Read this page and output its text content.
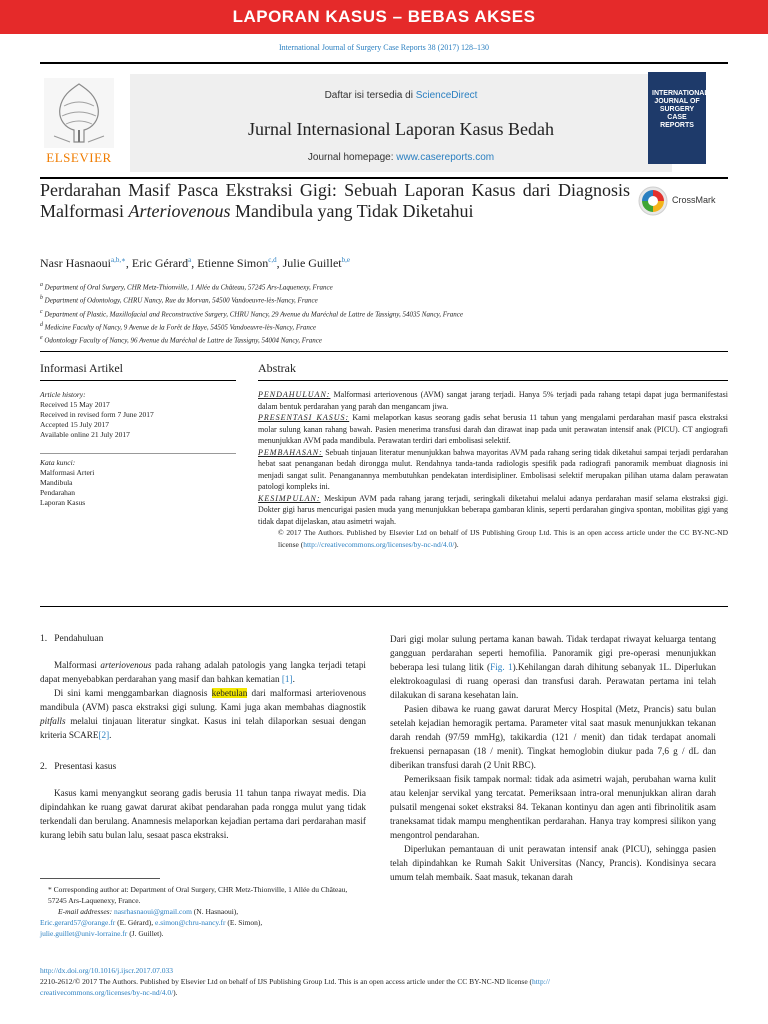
LAPORAN KASUS – BEBAS AKSES
International Journal of Surgery Case Reports 38 (2017) 128–130
ELSEVIER
Daftar isi tersedia di ScienceDirect
Jurnal Internasional Laporan Kasus Bedah
Journal homepage: www.casereports.com
INTERNATIONAL JOURNAL OF SURGERY CASE REPORTS
Perdarahan Masif Pasca Ekstraksi Gigi: Sebuah Laporan Kasus dari Diagnosis Malformasi Arteriovenous Mandibula yang Tidak Diketahui
CrossMark
Nasr Hasnaoui$^{a,b,∗}$, Eric Gérard$^a$, Etienne Simon$^{c,d}$, Julie Guillet$^{b,e}$
$^a$ Department of Oral Surgery, CHR Metz-Thionville, 1 Allée du Château, 57245 Ars-Laquenexy, France
$^b$ Department of Odontology, CHRU Nancy, Rue du Morvan, 54500 Vandoeuvre-lès-Nancy, France
$^c$ Department of Plastic, Maxillofacial and Reconstructive Surgery, CHRU Nancy, 29 Avenue du Maréchal de Lattre de Tassigny, 54035 Nancy, France
$^d$ Medicine Faculty of Nancy, 9 Avenue de la Forêt de Haye, 54505 Vandoeuvre-lès-Nancy, France
$^e$ Odontology Faculty of Nancy, 96 Avenue du Maréchal de Lattre de Tassigny, 54004 Nancy, France
Informasi Artikel	Abstrak
Article history:
Received 15 May 2017
Received in revised form 7 June 2017
Accepted 15 July 2017
Available online 21 July 2017
Kata kunci:
Malformasi Arteri
Mandibula
Pendarahan
Laporan Kasus

PENDAHULUAN: Malformasi arteriovenous (AVM) sangat jarang terjadi. Hanya 5% terjadi pada rahang tetapi dapat juga bermanifestasi dalam bentuk perdarahan yang parah dan mengancam jiwa.

PRESENTASI KASUS: Kami melaporkan kasus seorang gadis sehat berusia 11 tahun yang mengalami perdarahan masif pasca ekstraksi molar sulung kanan rahang bawah. Pasien menerima transfusi darah dan dirawat inap pada unit perawatan intensif anak (PICU). CT angiografi menunjukkan AVM pada mandibula. Perawatan terdiri dari embolisasi selektif.

PEMBAHASAN: Sebuah tinjauan literatur menunjukkan bahwa mayoritas AVM pada rahang sering tidak diketahui sampai terjadi perdarahan hebat saat penanganan bedah dirongga mulut. Rendahnya tanda-tanda radiologis spesifik pada radiografi panoramik membuat diagnosis ini menjadi sangat sulit. Penanganannya membutuhkan pendekatan interdisipliner. Embolisasi selektif merupakan pilihan utama dalam perawatan patologi kompleks ini.

KESIMPULAN: Meskipun AVM pada rahang jarang terjadi, seringkali diketahui melalui adanya perdarahan masif selama ekstraksi gigi. Dokter gigi harus mencurigai pasien muda yang menunjukkan beberapa gambaran klinis, seperti perdarahan gingiva spontan, mobilitas gigi yang tidak dapat dijelaskan, atau asimetri wajah.

© 2017 The Authors. Published by Elsevier Ltd on behalf of IJS Publishing Group Ltd. This is an open access article under the CC BY-NC-ND license (http://creativecommons.org/licenses/by-nc-nd/4.0/).

1. Pendahuluan

Malformasi arteriovenous pada rahang adalah patologis yang langka terjadi tetapi dapat menyebabkan perdarahan yang masif dan bahkan kematian [1].

Di sini kami menggambarkan diagnosis kebetulan dari malformasi arteriovenous mandibula (AVM) pasca ekstraksi gigi sulung. Kami juga akan membahas diagnostik pitfalls melalui tinjauan literatur singkat. Kasus ini telah dilaporkan sesuai dengan kriteria SCARE[2].

2. Presentasi kasus

Kasus kami menyangkut seorang gadis berusia 11 tahun tanpa riwayat medis. Dia dipindahkan ke ruang gawat darurat akibat pendarahan pada rongga mulut yang tidak terkendali dan berulang. Anamnesis melaporkan kejadian pertama dari perdarahan masif kurang lebih satu bulan lalu, sesaat pasca ekstraksi.

* Corresponding author at: Department of Oral Surgery, CHR Metz-Thionville, 1 Allée du Château, 57245 Ars-Laquenexy, France.
E-mail addresses: nasrhasnaoui@gmail.com (N. Hasnaoui),
Eric.gerard57@orange.fr (E. Gérard), e.simon@chru-nancy.fr (E. Simon),
julie.guillet@univ-lorraine.fr (J. Guillet).

Dari gigi molar sulung pertama kanan bawah. Tidak terdapat riwayat keluarga tentang gangguan perdarahan seperti hemofilia. Panoramik gigi pre-operasi menunjukkan beberapa lesi tulang litik (Fig. 1).Kehilangan darah dihitung sebanyak 1L. Diperlukan elektrokoagulasi di ruang operasi dan transfusi darah. Perawatan pertama ini telah dilakukan di sarana kesehatan lain.

Pasien dibawa ke ruang gawat darurat Mercy Hospital (Metz, Prancis) satu bulan setelah kejadian hemoragik pertama. Parameter vital saat masuk menunjukkan tekanan darah rendah (97/59 mmHg), takikardia (121 / menit) dan tidak terdapat anomali frekuensi pernapasan (18 / menit). Tingkat hemoglobin diukur pada 7,6 g / dL dan diberikan transfusi darah (2 Unit RBC).

Pemeriksaan fisik tampak normal: tidak ada asimetri wajah, perubahan warna kulit atau kelenjar servikal yang tercatat. Pemeriksaan intra-oral menunjukkan aliran darah pulsatil mengenai soket ekstraksi 84. Tekanan kontinyu dan agen anti fibrinolitik asam traneksamat tidak mampu menghentikan perdarahan. Hanya tray kompresi silikon yang mengontrol pendarahan.

Diperlukan pemantauan di unit perawatan intensif anak (PICU), sehingga pasien telah dipindahkan ke Rumah Sakit Universitas (Nancy, Prancis). Kondisinya secara umum telah membaik. Saat masuk, tekanan darah

http://dx.doi.org/10.1016/j.ijscr.2017.07.033
2210-2612/© 2017 The Authors. Published by Elsevier Ltd on behalf of IJS Publishing Group Ltd. This is an open access article under the CC BY-NC-ND license (http://
creativecommons.org/licenses/by-nc-nd/4.0/).
